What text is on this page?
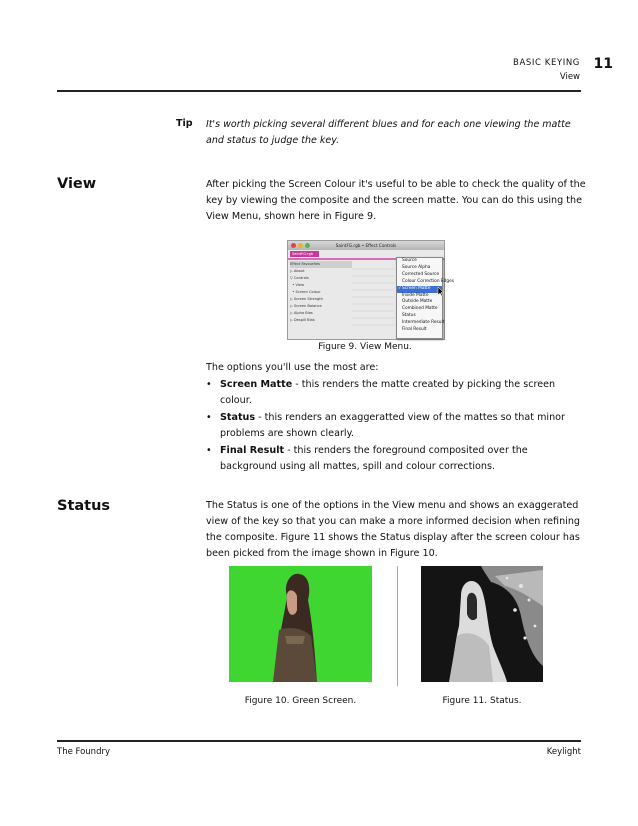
BASIC KEYING
View
11
Tip It's worth picking several different blues and for each one viewing the matte and status to judge the key.
View	After picking the Screen Colour it's useful to be able to check the quality of the key by viewing the composite and the screen matte. You can do this using the View Menu, shown here in Figure 9.
SaintFG.rgb • Effect Controls
SaintFG.rgb
Effect Favourites
▷ About
▽ Controls
• View
• Screen Colour
▷ Screen Strength
▷ Screen Balance
▷ Alpha Bias
▷ Despill Bias
Source
Source Alpha
Corrected Source
Colour Correction Edges
✓ Screen Matte
Inside Matte
Outside Matte
Combined Matte
Status
Intermediate Result
Final Result
Figure 9. View Menu.
The options you'll use the most are:
• Screen Matte - this renders the matte created by picking the screen colour.
• Status - this renders an exaggeratted view of the mattes so that minor problems are shown clearly.
• Final Result - this renders the foreground composited over the background using all mattes, spill and colour corrections.
Status	The Status is one of the options in the View menu and shows an exaggerated view of the key so that you can make a more informed decision when refining the composite. Figure 11 shows the Status display after the screen colour has been picked from the image shown in Figure 10.
Figure 10. Green Screen.	Figure 11. Status.
The Foundry	Keylight
